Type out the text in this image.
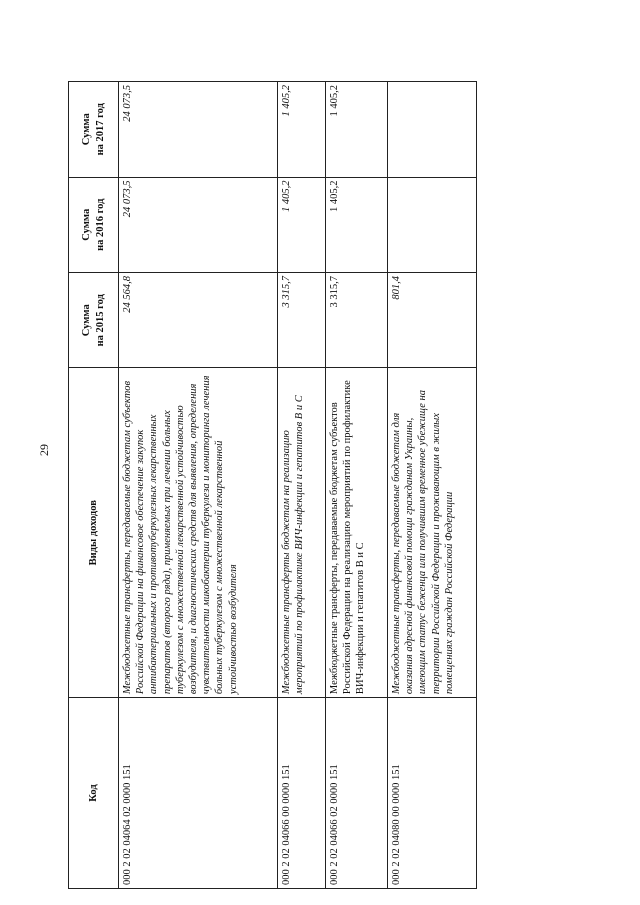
29
Код	Виды доходов	Сумма на 2015 год	Сумма на 2016 год	Сумма на 2017 год
000 2 02 04064 02 0000 151	Межбюджетные трансферты, передаваемые бюджетам субъектов Российской Федерации на финансовое обеспечение закупок антибактериальных и противотуберкулезных лекарственных препаратов (второго ряда), применяемых при лечении больных туберкулезом с множественной лекарственной устойчивостью возбудителя, и диагностических средств для выявления, определения чувствительности микобактерии туберкулеза и мониторинга лечения больных туберкулезом с множественной лекарственной устойчивостью возбудителя	24 564,8	24 073,5	24 073,5
000 2 02 04066 00 0000 151	Межбюджетные трансферты бюджетам на реализацию мероприятий по профилактике ВИЧ-инфекции и гепатитов В и С	3 315,7	1 405,2	1 405,2
000 2 02 04066 02 0000 151	Межбюджетные трансферты, передаваемые бюджетам субъектов Российской Федерации на реализацию мероприятий по профилактике ВИЧ-инфекции и гепатитов В и С	3 315,7	1 405,2	1 405,2
000 2 02 04080 00 0000 151	Межбюджетные трансферты, передаваемые бюджетам для оказания адресной финансовой помощи гражданам Украины, имеющим статус беженца или получившим временное убежище на территории Российской Федерации и проживающим в жилых помещениях граждан Российской Федерации	801,4		
